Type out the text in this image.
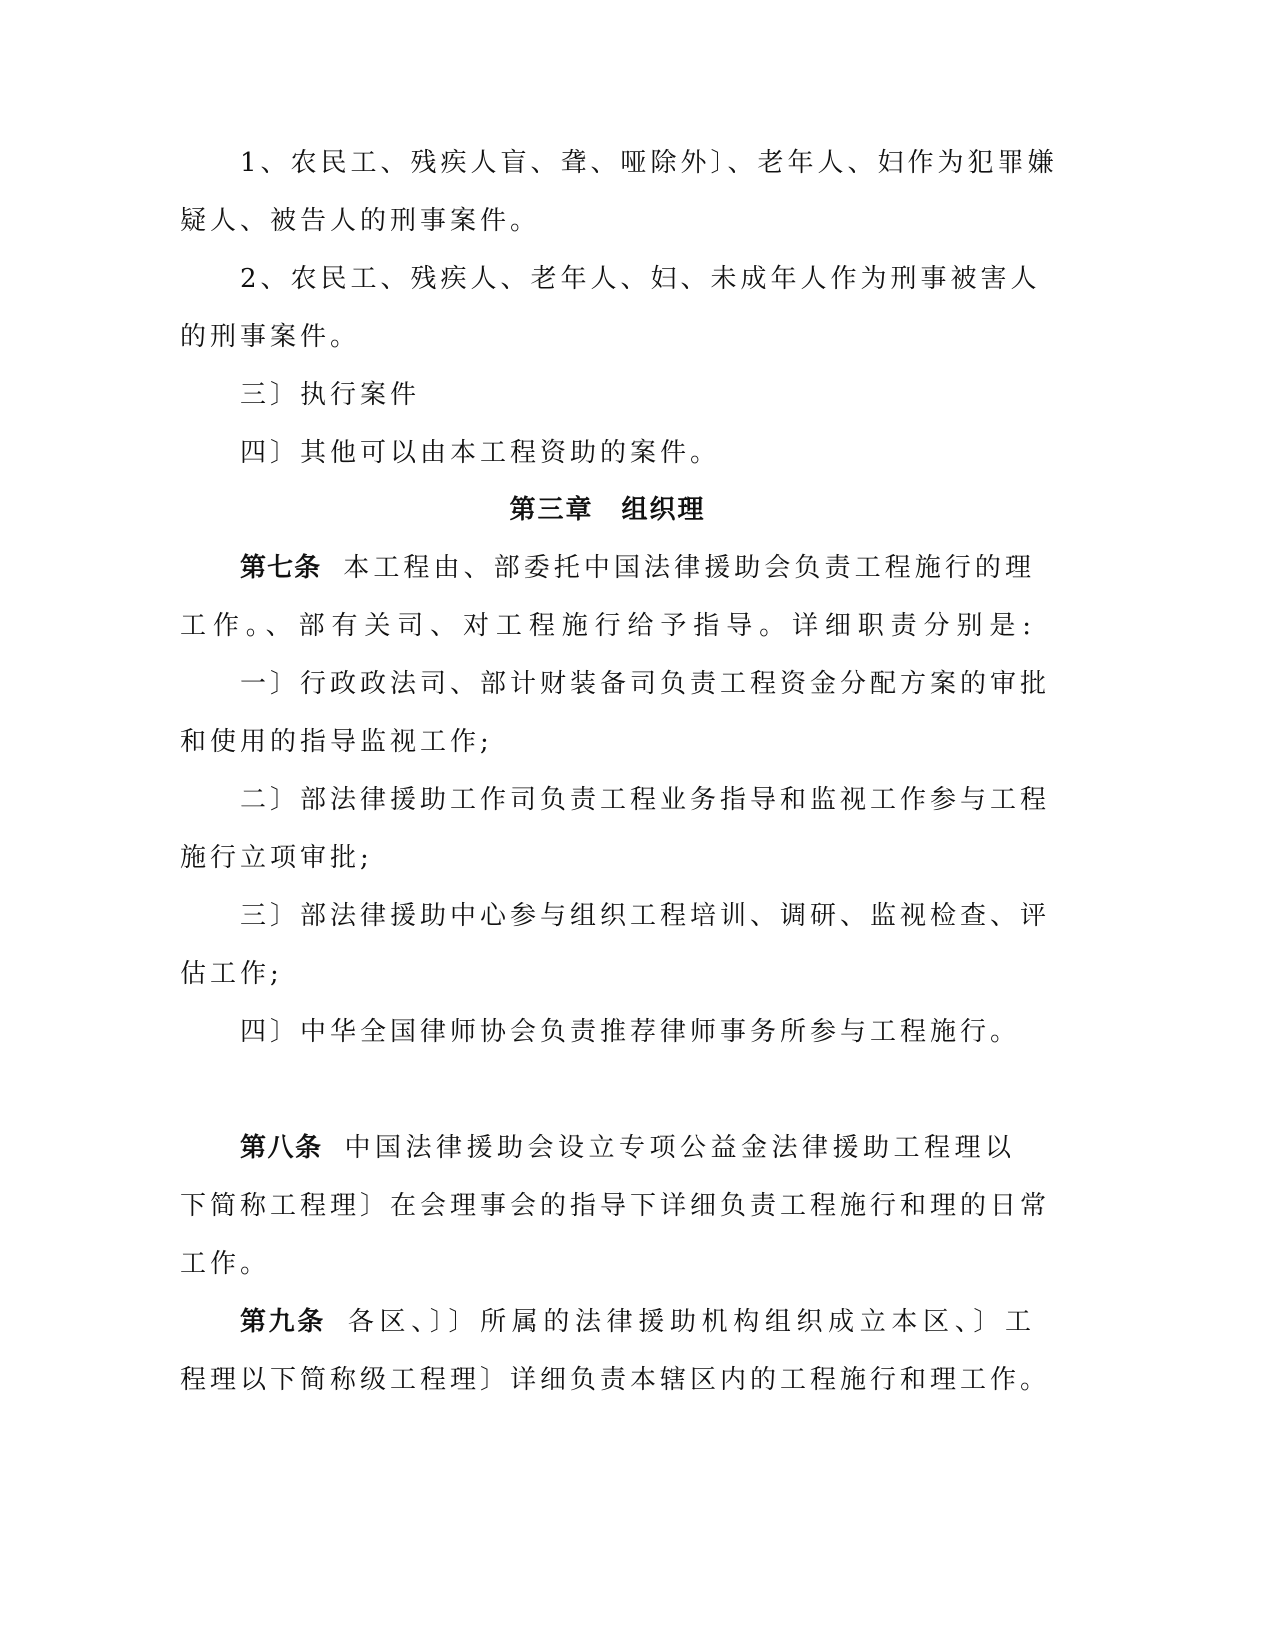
1、农民工、残疾人盲、聋、哑除外〕、老年人、妇作为犯罪嫌
疑人、被告人的刑事案件。
2、农民工、残疾人、老年人、妇、未成年人作为刑事被害人
的刑事案件。
三〕执行案件
四〕其他可以由本工程资助的案件。
第三章　组织理
第七条 本工程由、部委托中国法律援助会负责工程施行的理
工作。、部有关司、对工程施行给予指导。详细职责分别是:
一〕行政政法司、部计财装备司负责工程资金分配方案的审批
和使用的指导监视工作;
二〕部法律援助工作司负责工程业务指导和监视工作参与工程
施行立项审批;
三〕部法律援助中心参与组织工程培训、调研、监视检查、评
估工作;
四〕中华全国律师协会负责推荐律师事务所参与工程施行。
第八条 中国法律援助会设立专项公益金法律援助工程理以
下简称工程理〕在会理事会的指导下详细负责工程施行和理的日常
工作。
第九条 各区、〕〕所属的法律援助机构组织成立本区、〕工
程理以下简称级工程理〕详细负责本辖区内的工程施行和理工作。
